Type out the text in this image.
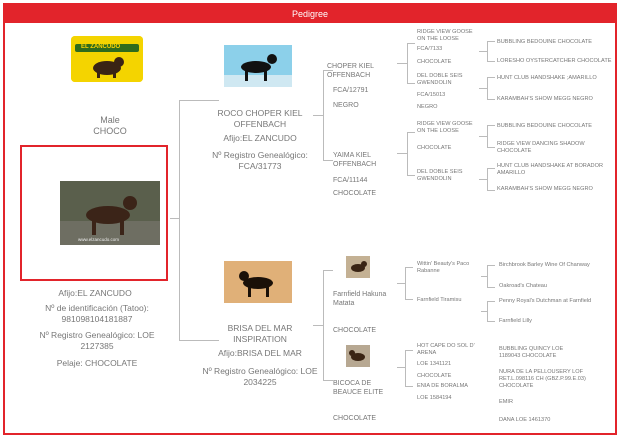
Pedigree
EL ZANCUDO
Male
CHOCO
www.elzancudo.com
Afijo:EL ZANCUDO
Nº de identificación (Tatoo): 981098104181887
Nº Registro Genealógico: LOE 2127385
Pelaje: CHOCOLATE
ROCO CHOPER KIEL OFFENBACH
Afijo:EL ZANCUDO
Nº Registro Genealógico: FCA/31773
BRISA DEL MAR INSPIRATION
Afijo:BRISA DEL MAR
Nº Registro Genealógico: LOE 2034225
CHOPER KIEL OFFENBACH
FCA/12791
NEGRO
YAIMA KIEL OFFENBACH
FCA/11144
CHOCOLATE
Farnfield Hakuna Matata
CHOCOLATE
BICOCA DE BEAUCE ELITE
CHOCOLATE
RIDGE VIEW GOOSE ON THE LOOSE
FCA/7133
CHOCOLATE
DEL DOBLE SEIS GWENDOLIN
FCA/15013
NEGRO
RIDGE VIEW GOOSE ON THE LOOSE
CHOCOLATE
DEL DOBLE SEIS GWENDOLIN
Wittin' Beauty's Paco Rabanne
Farnfield Tiramisu
HOT CAPE DO SOL D' ARENA
LOE 1341121
CHOCOLATE
ENIA DE BORALMA
LOE 1584194
BUBBLING BEDOUINE CHOCOLATE
LORESHO OYSTERCATCHER CHOCOLATE
HUNT CLUB HANDSHAKE ;AMARILLO
KARAMBAH'S SHOW MEGG NEGRO
BUBBLING BEDOUINE CHOCOLATE
RIDGE VIEW DANCING SHADOW CHOCOLATE
HUNT CLUB HANDSHAKE AT BORADOR AMARILLO
KARAMBAH'S SHOW MEGG NEGRO
Birchbrook Barley Wine Of Chanway
Oakroad's Chateau
Penny Royal's Dutchman at Farnfield
Farnfield Lilly
BUBBLING QUINCY LOE 1189043 CHOCOLATE
NURA DE LA PELLOUSERY LOF RET.L.098116 CH (GBZ.P.99.E.03) CHOCOLATE
EMIR
DANA LOE 1461370
